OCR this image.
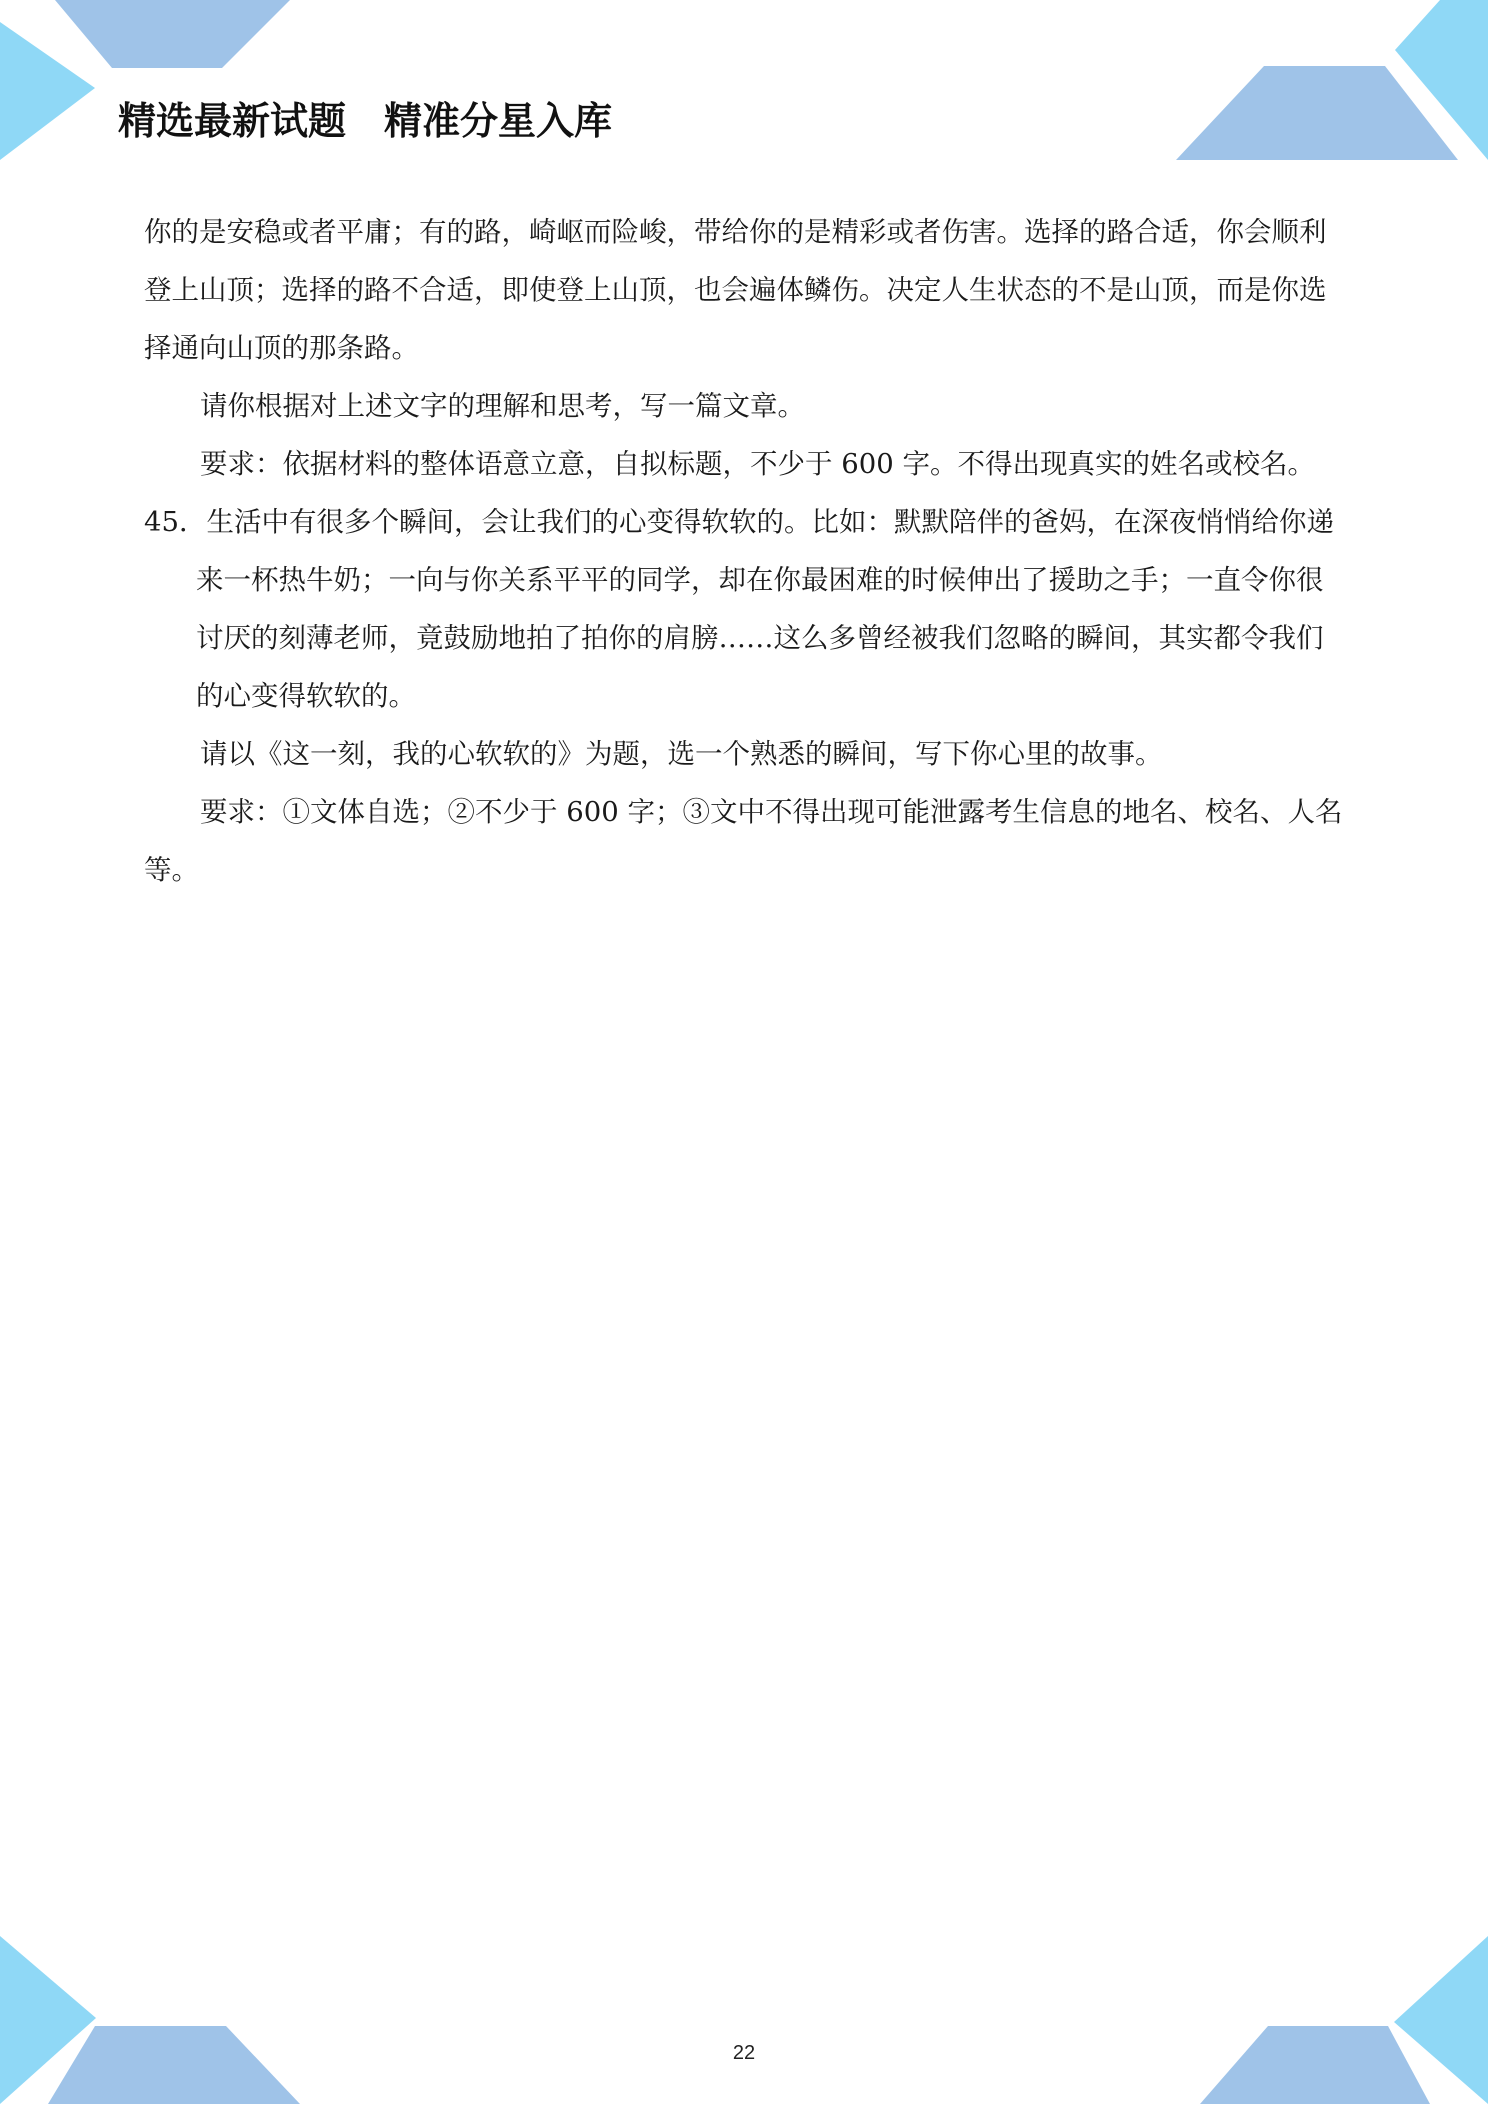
精选最新试题　精准分星入库

你的是安稳或者平庸；有的路，崎岖而险峻，带给你的是精彩或者伤害。选择的路合适，你会顺利登上山顶；选择的路不合适，即使登上山顶，也会遍体鳞伤。决定人生状态的不是山顶，而是你选择通向山顶的那条路。

请你根据对上述文字的理解和思考，写一篇文章。

要求：依据材料的整体语意立意，自拟标题，不少于 600 字。不得出现真实的姓名或校名。

45．生活中有很多个瞬间，会让我们的心变得软软的。比如：默默陪伴的爸妈，在深夜悄悄给你递来一杯热牛奶；一向与你关系平平的同学，却在你最困难的时候伸出了援助之手；一直令你很讨厌的刻薄老师，竟鼓励地拍了拍你的肩膀……这么多曾经被我们忽略的瞬间，其实都令我们的心变得软软的。

请以《这一刻，我的心软软的》为题，选一个熟悉的瞬间，写下你心里的故事。

要求：①文体自选；②不少于 600 字；③文中不得出现可能泄露考生信息的地名、校名、人名等。

22
